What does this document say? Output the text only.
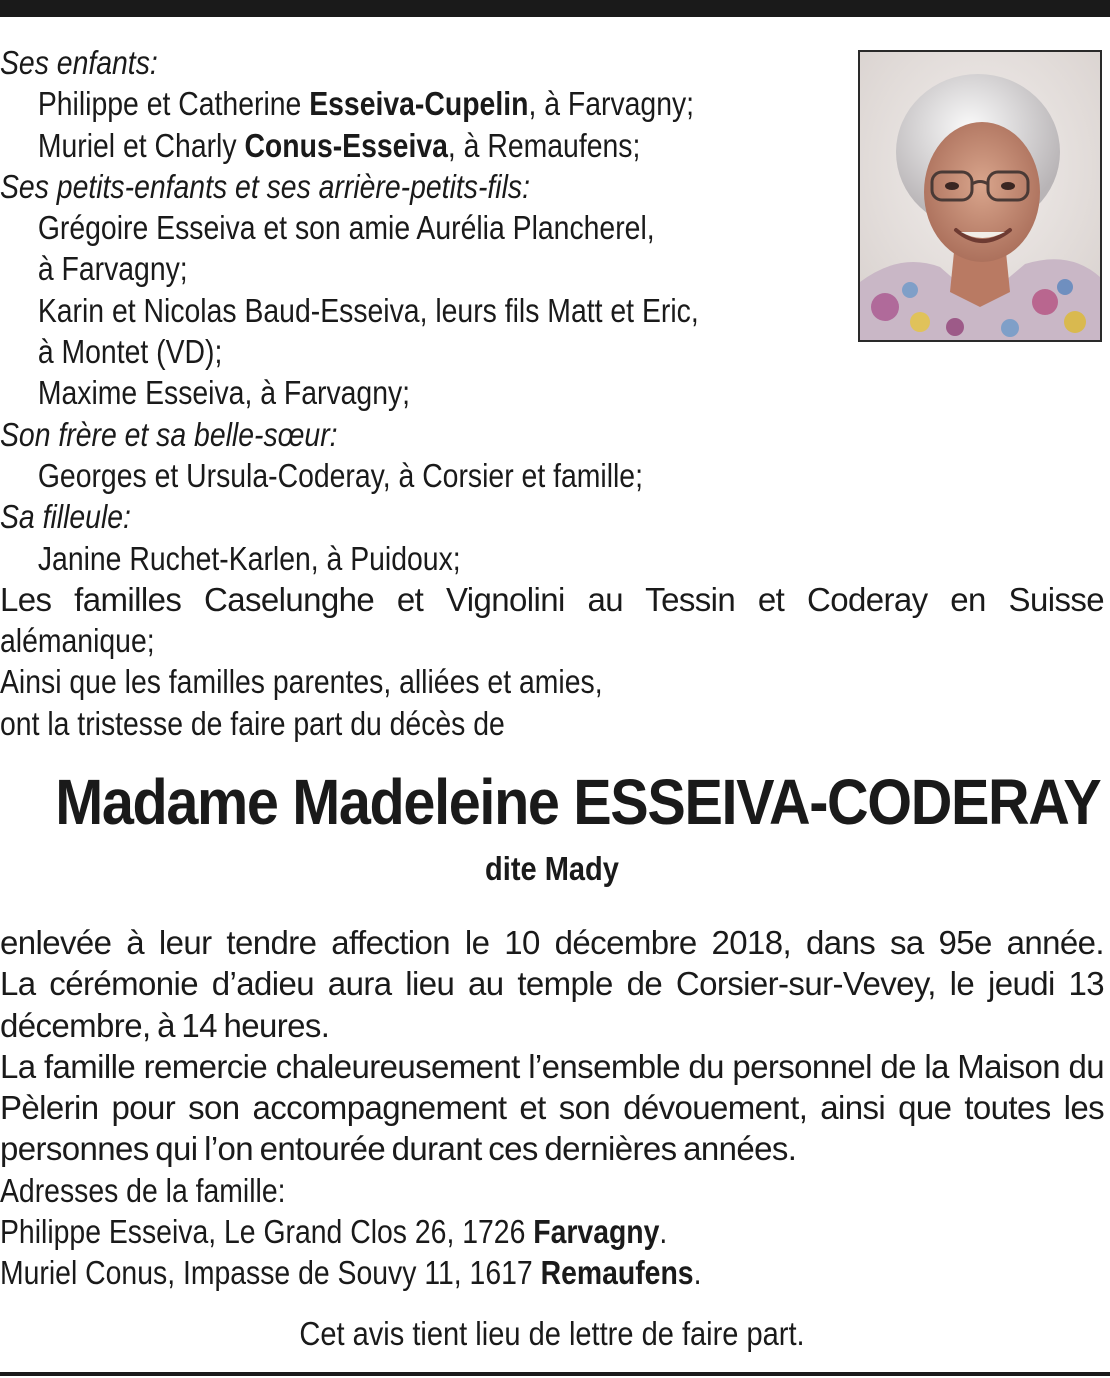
Ses enfants:
Philippe et Catherine Esseiva-Cupelin, à Farvagny;
Muriel et Charly Conus-Esseiva, à Remaufens;
Ses petits-enfants et ses arrière-petits-fils:
Grégoire Esseiva et son amie Aurélia Plancherel,
à Farvagny;
Karin et Nicolas Baud-Esseiva, leurs fils Matt et Eric,
à Montet (VD);
Maxime Esseiva, à Farvagny;
Son frère et sa belle-sœur:
Georges et Ursula-Coderay, à Corsier et famille;
Sa filleule:
Janine Ruchet-Karlen, à Puidoux;
Les familles Caselunghe et Vignolini au Tessin et Coderay en Suisse
alémanique;
Ainsi que les familles parentes, alliées et amies,
ont la tristesse de faire part du décès de
Madame Madeleine ESSEIVA-CODERAY
dite Mady
enlevée à leur tendre affection le 10 décembre 2018, dans sa 95e année.
La cérémonie d’adieu aura lieu au temple de Corsier-sur-Vevey, le jeudi 13 décembre, à 14 heures.
La famille remercie chaleureusement l’ensemble du personnel de la Maison du Pèlerin pour son accompagnement et son dévouement, ainsi que toutes les personnes qui l’on entourée durant ces dernières années.
Adresses de la famille:
Philippe Esseiva, Le Grand Clos 26, 1726 Farvagny.
Muriel Conus, Impasse de Souvy 11, 1617 Remaufens.
Cet avis tient lieu de lettre de faire part.
